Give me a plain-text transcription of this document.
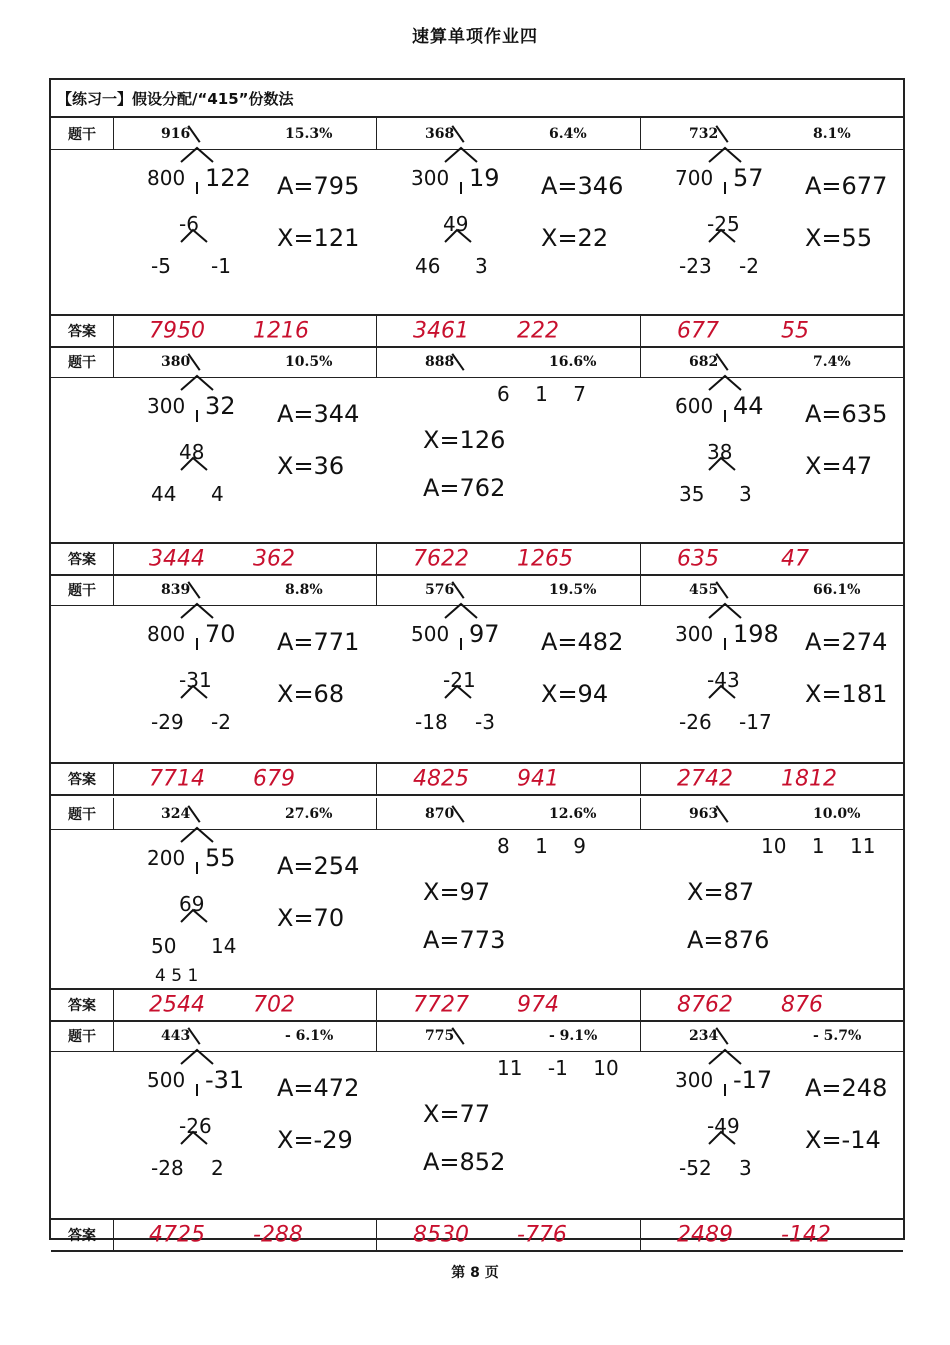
速算单项作业四
【练习一】假设分配/“415”份数法
题干	916	15.3%	368	6.4%	732	8.1%
800 122
-6
-5 -1
A=795
X=121
300 19
49
46 3
A=346
X=22
700 57
-25
-23 -2
A=677
X=55
答案	7950 1216	3461 222	677	55
题干	380	10.5%	888	16.6%	682	7.4%
300 32
48
44 4
A=344
X=36
6    1    7
X=126
A=762
600 44
38
35 3
A=635
X=47
答案	3444 362	7622 1265	635	47
题干	839	8.8%	576	19.5%	455	66.1%
800 70
-31
-29 -2
A=771
X=68
500 97
-21
-18 -3
A=482
X=94
300 198
-43
-26 -17
A=274
X=181
答案	7714 679	4825 941	2742 1812
题干	324	27.6%	870	12.6%	963	10.0%
200 55
69
50 14
4 5 1
A=254
X=70
8    1    9
X=97
A=773
10    1    11
X=87
A=876
答案	2544 702	7727 974	8762 876
题干	443	- 6.1%	775	- 9.1%	234	- 5.7%
500 -31
-26
-28 2
A=472
X=-29
11    -1    10
X=77
A=852
300 -17
-49
-52 3
A=248
X=-14
答案	4725 -288	8530 -776	2489 -142
第 8 页
